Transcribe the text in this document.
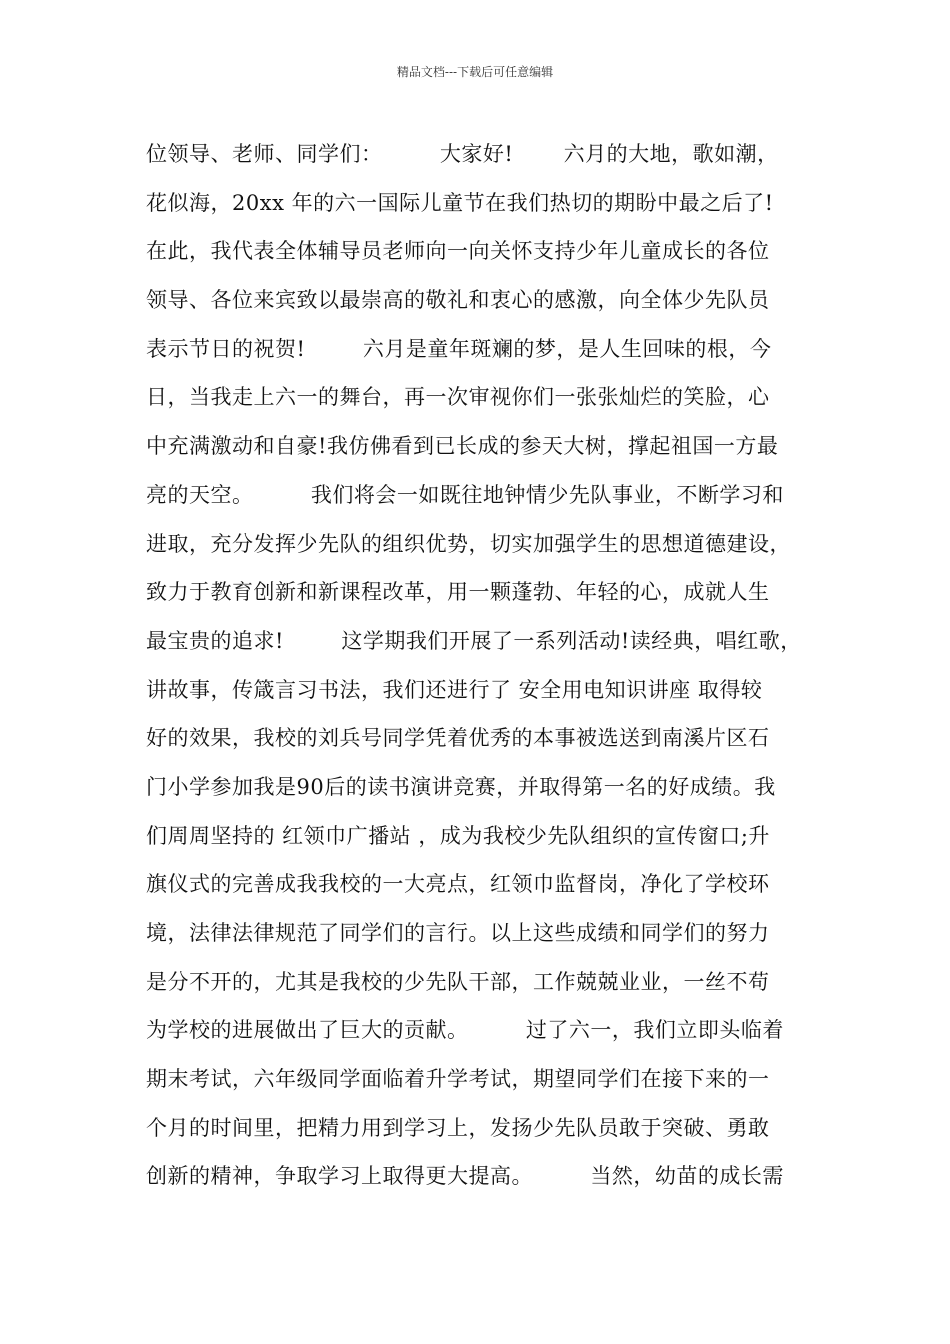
精品文档---下载后可任意编辑
位领导、老师、同学们：        大家好!       六月的大地，歌如潮，
花似海，20xx 年的六一国际儿童节在我们热切的期盼中最之后了!
在此，我代表全体辅导员老师向一向关怀支持少年儿童成长的各位
领导、各位来宾致以最崇高的敬礼和衷心的感激，向全体少先队员
表示节日的祝贺!        六月是童年斑斓的梦，是人生回味的根，今
日，当我走上六一的舞台，再一次审视你们一张张灿烂的笑脸，心
中充满激动和自豪!我仿佛看到已长成的参天大树，撑起祖国一方最
亮的天空。        我们将会一如既往地钟情少先队事业，不断学习和
进取，充分发挥少先队的组织优势，切实加强学生的思想道德建设，
致力于教育创新和新课程改革，用一颗蓬勃、年轻的心，成就人生
最宝贵的追求!        这学期我们开展了一系列活动!读经典，唱红歌，
讲故事，传箴言习书法，我们还进行了 安全用电知识讲座 取得较
好的效果，我校的刘兵号同学凭着优秀的本事被选送到南溪片区石
门小学参加我是90后的读书演讲竞赛，并取得第一名的好成绩。我
们周周坚持的 红领巾广播站 ，成为我校少先队组织的宣传窗口;升
旗仪式的完善成我我校的一大亮点，红领巾监督岗，净化了学校环
境，法律法律规范了同学们的言行。以上这些成绩和同学们的努力
是分不开的，尤其是我校的少先队干部，工作兢兢业业，一丝不苟
为学校的进展做出了巨大的贡献。        过了六一，我们立即头临着
期末考试，六年级同学面临着升学考试，期望同学们在接下来的一
个月的时间里，把精力用到学习上，发扬少先队员敢于突破、勇敢
创新的精神，争取学习上取得更大提高。        当然，幼苗的成长需
